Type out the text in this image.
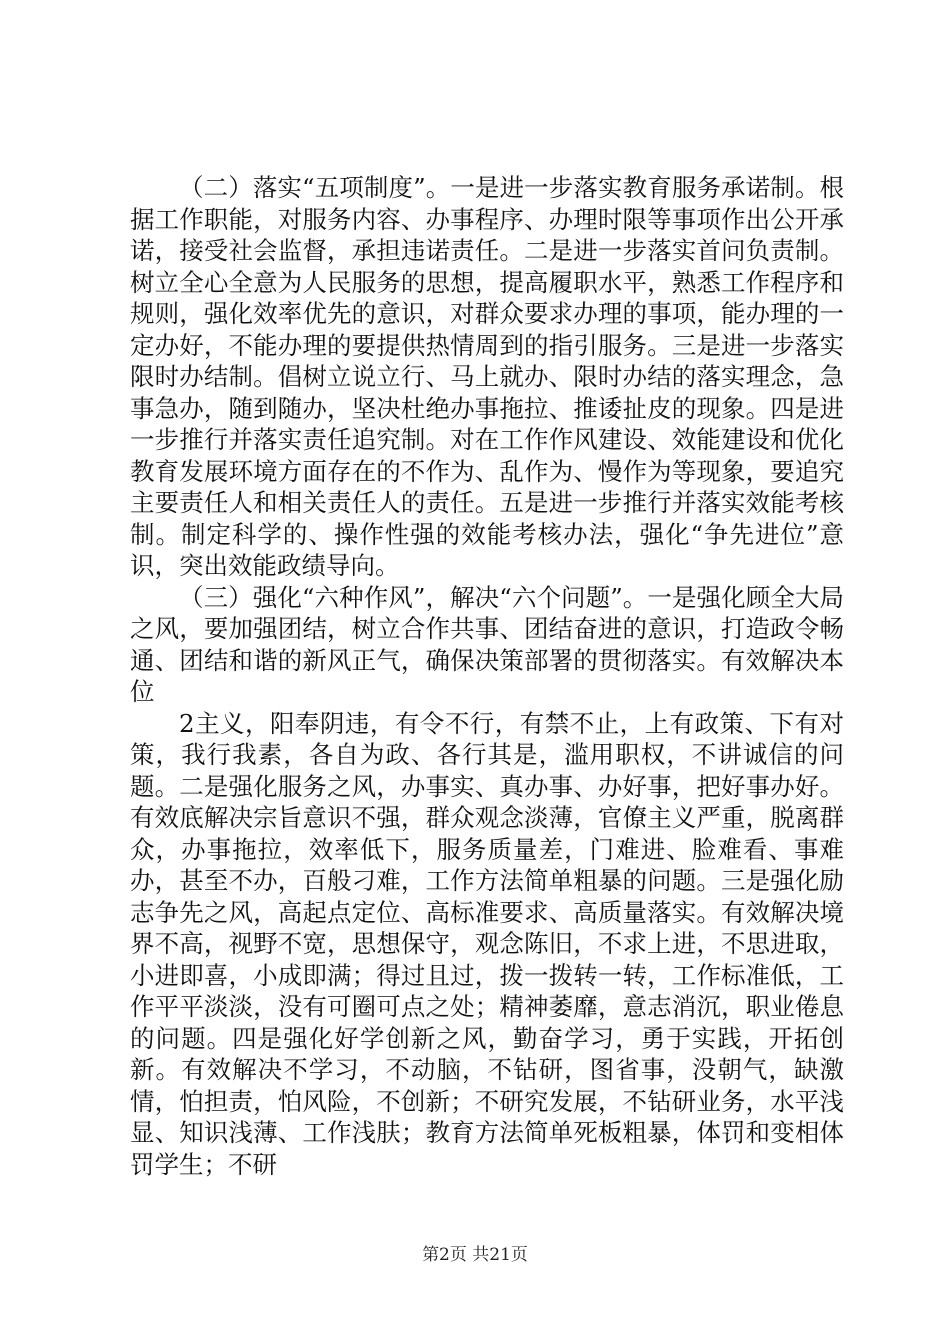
（二）落实“五项制度”。一是进一步落实教育服务承诺制。根据工作职能，对服务内容、办事程序、办理时限等事项作出公开承诺，接受社会监督，承担违诺责任。二是进一步落实首问负责制。树立全心全意为人民服务的思想，提高履职水平，熟悉工作程序和规则，强化效率优先的意识，对群众要求办理的事项，能办理的一定办好，不能办理的要提供热情周到的指引服务。三是进一步落实限时办结制。倡树立说立行、马上就办、限时办结的落实理念，急事急办，随到随办，坚决杜绝办事拖拉、推诿扯皮的现象。四是进一步推行并落实责任追究制。对在工作作风建设、效能建设和优化教育发展环境方面存在的不作为、乱作为、慢作为等现象，要追究主要责任人和相关责任人的责任。五是进一步推行并落实效能考核制。制定科学的、操作性强的效能考核办法，强化“争先进位”意识，突出效能政绩导向。

（三）强化“六种作风”，解决“六个问题”。一是强化顾全大局之风，要加强团结，树立合作共事、团结奋进的意识，打造政令畅通、团结和谐的新风正气，确保决策部署的贯彻落实。有效解决本位

2主义，阳奉阴违，有令不行，有禁不止，上有政策、下有对策，我行我素，各自为政、各行其是，滥用职权，不讲诚信的问题。二是强化服务之风，办事实、真办事、办好事，把好事办好。有效底解决宗旨意识不强，群众观念淡薄，官僚主义严重，脱离群众，办事拖拉，效率低下，服务质量差，门难进、脸难看、事难办，甚至不办，百般刁难，工作方法简单粗暴的问题。三是强化励志争先之风，高起点定位、高标准要求、高质量落实。有效解决境界不高，视野不宽，思想保守，观念陈旧，不求上进，不思进取，小进即喜，小成即满；得过且过，拨一拨转一转，工作标准低，工作平平淡淡，没有可圈可点之处；精神萎靡，意志消沉，职业倦息的问题。四是强化好学创新之风，勤奋学习，勇于实践，开拓创新。有效解决不学习，不动脑，不钻研，图省事，没朝气，缺激情，怕担责，怕风险，不创新；不研究发展，不钻研业务，水平浅显、知识浅薄、工作浅肤；教育方法简单死板粗暴，体罚和变相体罚学生；不研

第2页 共21页
